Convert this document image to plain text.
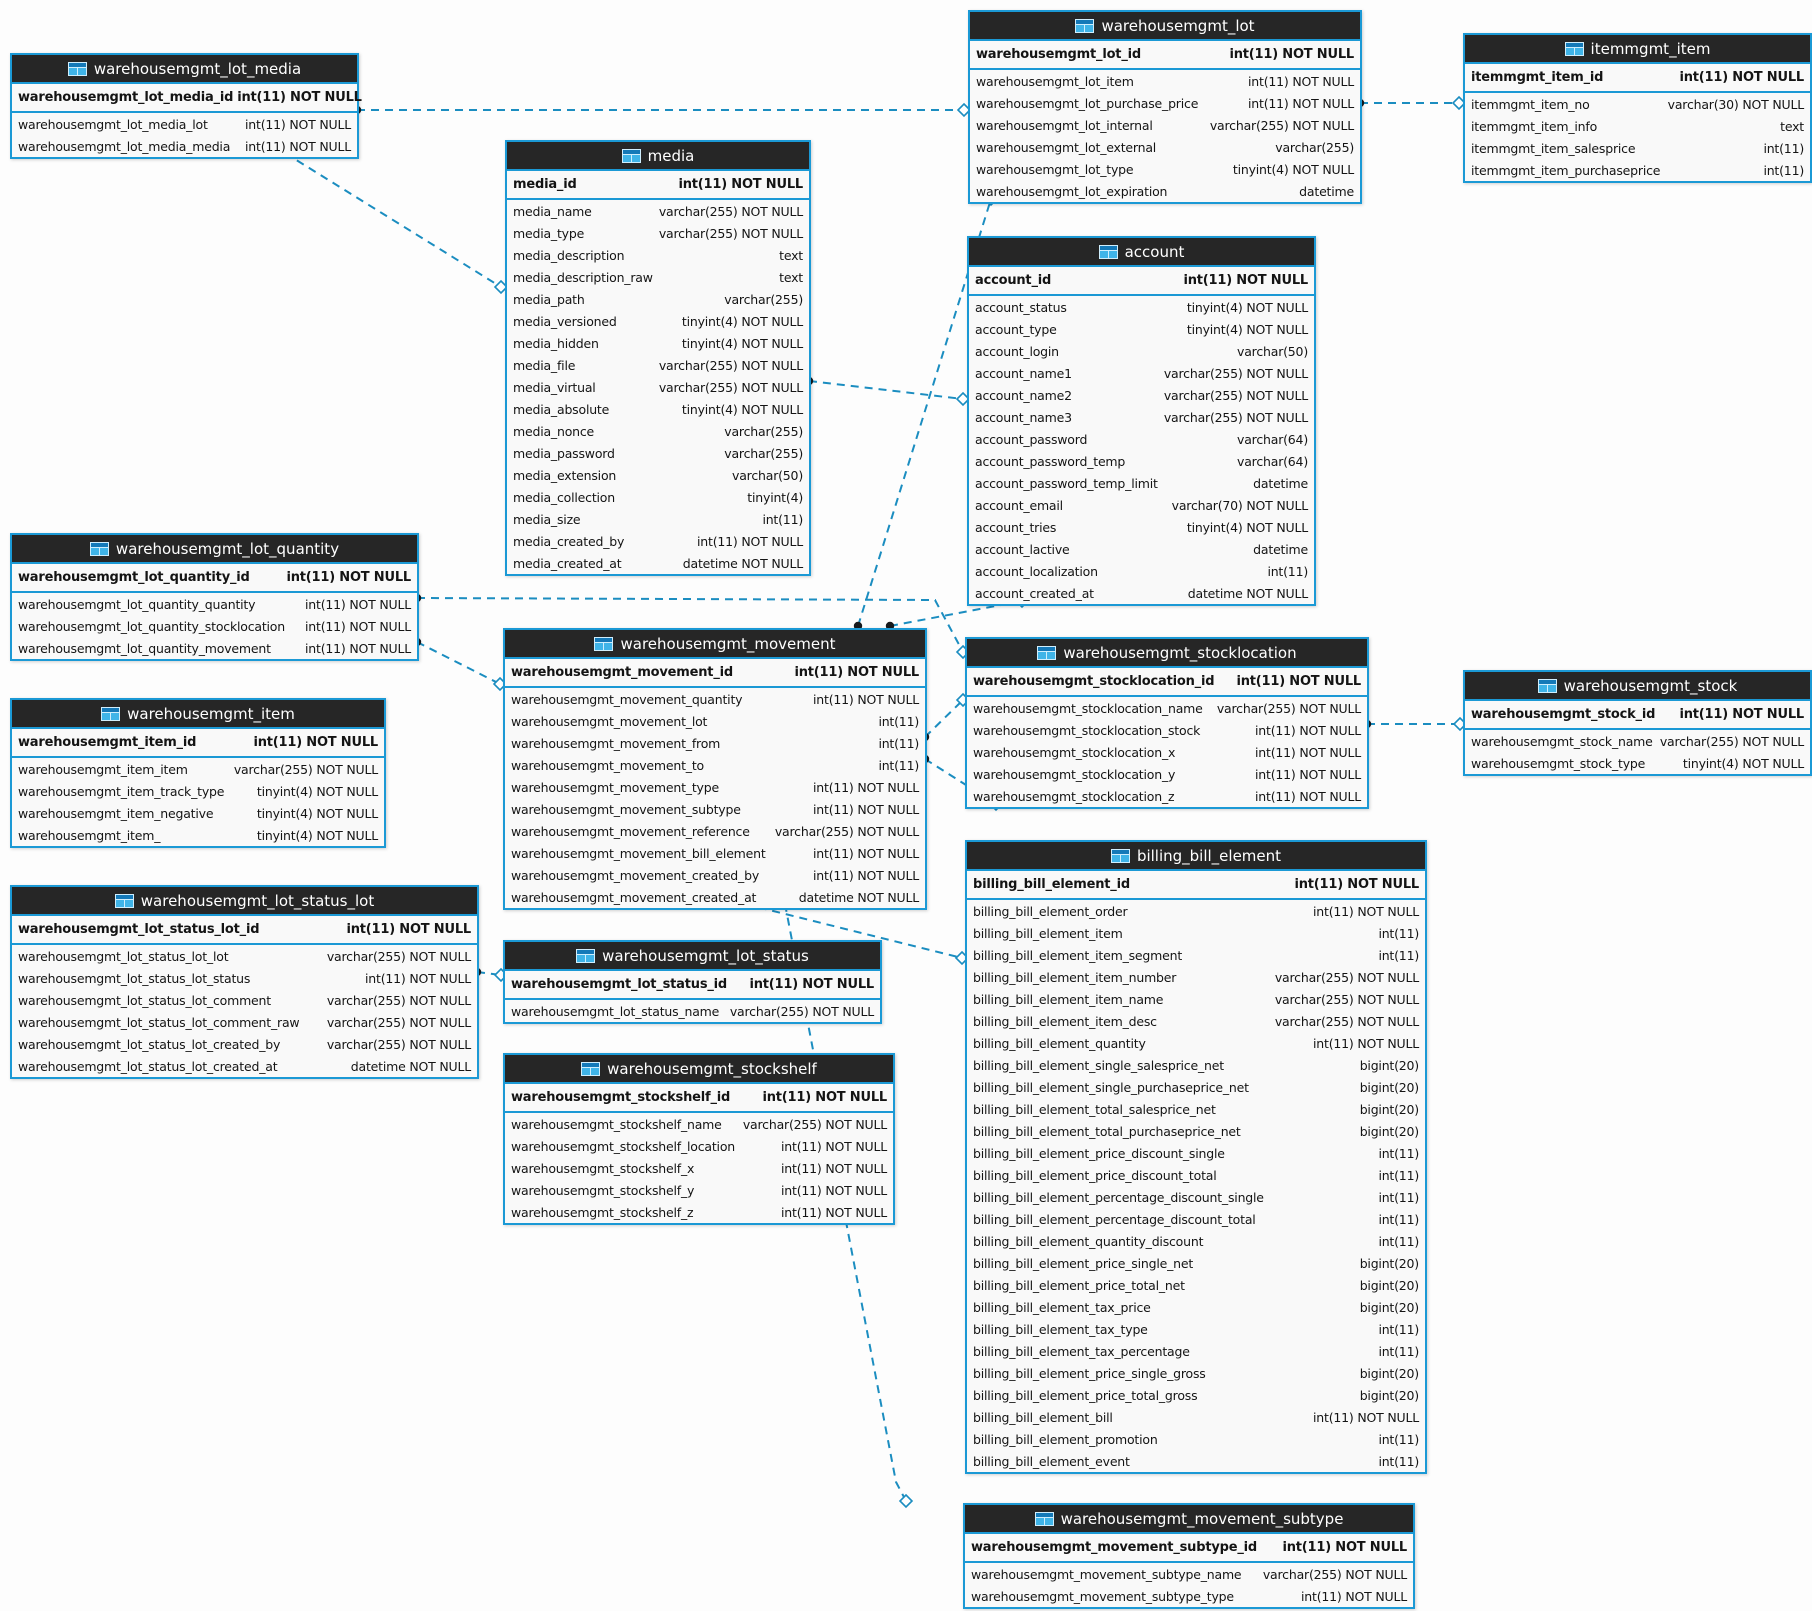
warehousemgmt_lot_media
warehousemgmt_lot_media_id int(11) NOT NULL
warehousemgmt_lot_media_lot	int(11) NOT NULL
warehousemgmt_lot_media_media int(11) NOT NULL
media
media_id	int(11) NOT NULL
media_name	varchar(255) NOT NULL
media_type	varchar(255) NOT NULL
media_description	text
media_description_raw	text
media_path	varchar(255)
media_versioned	tinyint(4) NOT NULL
media_hidden	tinyint(4) NOT NULL
media_file	varchar(255) NOT NULL
media_virtual	varchar(255) NOT NULL
media_absolute	tinyint(4) NOT NULL
media_nonce	varchar(255)
media_password	varchar(255)
media_extension	varchar(50)
media_collection	tinyint(4)
media_size	int(11)
media_created_by	int(11) NOT NULL
media_created_at	datetime NOT NULL
warehousemgmt_lot
warehousemgmt_lot_id	int(11) NOT NULL
warehousemgmt_lot_item	int(11) NOT NULL
warehousemgmt_lot_purchase_price	int(11) NOT NULL
warehousemgmt_lot_internal	varchar(255) NOT NULL
warehousemgmt_lot_external	varchar(255)
warehousemgmt_lot_type	tinyint(4) NOT NULL
warehousemgmt_lot_expiration	datetime
itemmgmt_item
itemmgmt_item_id	int(11) NOT NULL
itemmgmt_item_no	varchar(30) NOT NULL
itemmgmt_item_info	text
itemmgmt_item_salesprice	int(11)
itemmgmt_item_purchaseprice	int(11)
account
account_id	int(11) NOT NULL
account_status	tinyint(4) NOT NULL
account_type	tinyint(4) NOT NULL
account_login	varchar(50)
account_name1	varchar(255) NOT NULL
account_name2	varchar(255) NOT NULL
account_name3	varchar(255) NOT NULL
account_password	varchar(64)
account_password_temp	varchar(64)
account_password_temp_limit	datetime
account_email	varchar(70) NOT NULL
account_tries	tinyint(4) NOT NULL
account_lactive	datetime
account_localization	int(11)
account_created_at	datetime NOT NULL
warehousemgmt_lot_quantity
warehousemgmt_lot_quantity_id	int(11) NOT NULL
warehousemgmt_lot_quantity_quantity	int(11) NOT NULL
warehousemgmt_lot_quantity_stocklocation int(11) NOT NULL
warehousemgmt_lot_quantity_movement	int(11) NOT NULL
warehousemgmt_item
warehousemgmt_item_id	int(11) NOT NULL
warehousemgmt_item_item	varchar(255) NOT NULL
warehousemgmt_item_track_type	tinyint(4) NOT NULL
warehousemgmt_item_negative	tinyint(4) NOT NULL
warehousemgmt_item_	tinyint(4) NOT NULL
warehousemgmt_lot_status_lot
warehousemgmt_lot_status_lot_id	int(11) NOT NULL
warehousemgmt_lot_status_lot_lot	varchar(255) NOT NULL
warehousemgmt_lot_status_lot_status	int(11) NOT NULL
warehousemgmt_lot_status_lot_comment	varchar(255) NOT NULL
warehousemgmt_lot_status_lot_comment_raw varchar(255) NOT NULL
warehousemgmt_lot_status_lot_created_by	varchar(255) NOT NULL
warehousemgmt_lot_status_lot_created_at	datetime NOT NULL
warehousemgmt_movement
warehousemgmt_movement_id	int(11) NOT NULL
warehousemgmt_movement_quantity	int(11) NOT NULL
warehousemgmt_movement_lot	int(11)
warehousemgmt_movement_from	int(11)
warehousemgmt_movement_to	int(11)
warehousemgmt_movement_type	int(11) NOT NULL
warehousemgmt_movement_subtype	int(11) NOT NULL
warehousemgmt_movement_reference varchar(255) NOT NULL
warehousemgmt_movement_bill_element	int(11) NOT NULL
warehousemgmt_movement_created_by	int(11) NOT NULL
warehousemgmt_movement_created_at	datetime NOT NULL
warehousemgmt_lot_status
warehousemgmt_lot_status_id int(11) NOT NULL
warehousemgmt_lot_status_name varchar(255) NOT NULL
warehousemgmt_stockshelf
warehousemgmt_stockshelf_id int(11) NOT NULL
warehousemgmt_stockshelf_name varchar(255) NOT NULL
warehousemgmt_stockshelf_location	int(11) NOT NULL
warehousemgmt_stockshelf_x	int(11) NOT NULL
warehousemgmt_stockshelf_y	int(11) NOT NULL
warehousemgmt_stockshelf_z	int(11) NOT NULL
warehousemgmt_stocklocation
warehousemgmt_stocklocation_id int(11) NOT NULL
warehousemgmt_stocklocation_name varchar(255) NOT NULL
warehousemgmt_stocklocation_stock	int(11) NOT NULL
warehousemgmt_stocklocation_x	int(11) NOT NULL
warehousemgmt_stocklocation_y	int(11) NOT NULL
warehousemgmt_stocklocation_z	int(11) NOT NULL
warehousemgmt_stock
warehousemgmt_stock_id int(11) NOT NULL
warehousemgmt_stock_name varchar(255) NOT NULL
warehousemgmt_stock_type	tinyint(4) NOT NULL
billing_bill_element
billing_bill_element_id	int(11) NOT NULL
billing_bill_element_order	int(11) NOT NULL
billing_bill_element_item	int(11)
billing_bill_element_item_segment	int(11)
billing_bill_element_item_number	varchar(255) NOT NULL
billing_bill_element_item_name	varchar(255) NOT NULL
billing_bill_element_item_desc	varchar(255) NOT NULL
billing_bill_element_quantity	int(11) NOT NULL
billing_bill_element_single_salesprice_net	bigint(20)
billing_bill_element_single_purchaseprice_net	bigint(20)
billing_bill_element_total_salesprice_net	bigint(20)
billing_bill_element_total_purchaseprice_net	bigint(20)
billing_bill_element_price_discount_single	int(11)
billing_bill_element_price_discount_total	int(11)
billing_bill_element_percentage_discount_single	int(11)
billing_bill_element_percentage_discount_total	int(11)
billing_bill_element_quantity_discount	int(11)
billing_bill_element_price_single_net	bigint(20)
billing_bill_element_price_total_net	bigint(20)
billing_bill_element_tax_price	bigint(20)
billing_bill_element_tax_type	int(11)
billing_bill_element_tax_percentage	int(11)
billing_bill_element_price_single_gross	bigint(20)
billing_bill_element_price_total_gross	bigint(20)
billing_bill_element_bill	int(11) NOT NULL
billing_bill_element_promotion	int(11)
billing_bill_element_event	int(11)
warehousemgmt_movement_subtype
warehousemgmt_movement_subtype_id int(11) NOT NULL
warehousemgmt_movement_subtype_name varchar(255) NOT NULL
warehousemgmt_movement_subtype_type	int(11) NOT NULL
